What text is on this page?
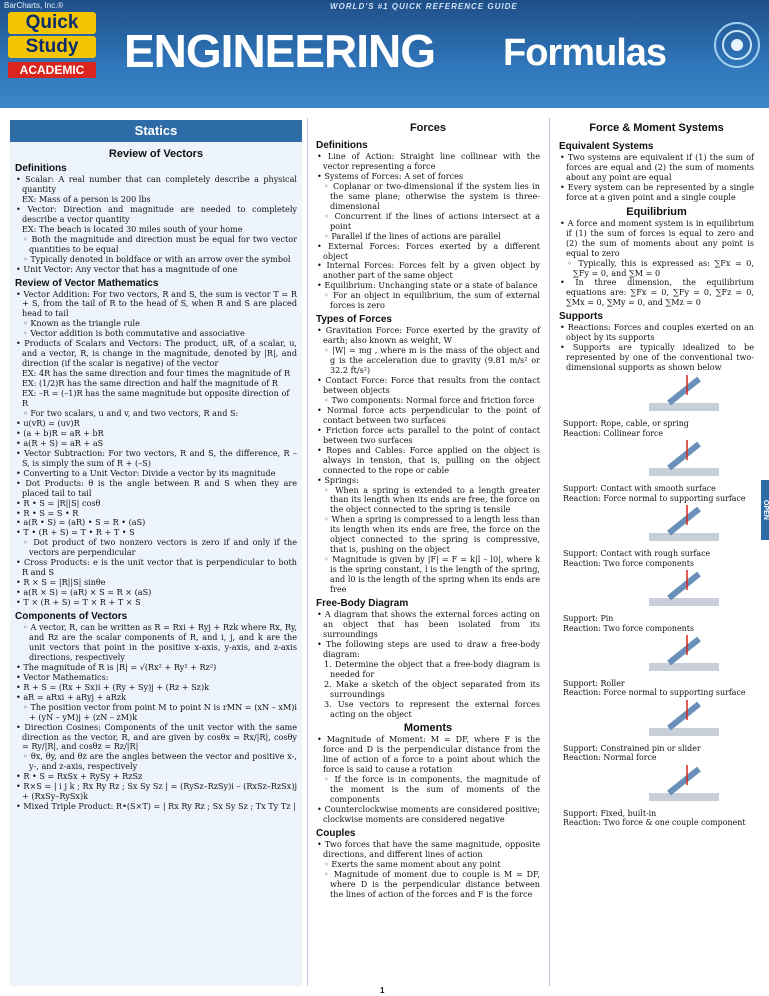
BarCharts, Inc.®	WORLD'S #1 QUICK REFERENCE GUIDE
Quick
Study
ACADEMIC ENGINEERING Formulas
Statics
Review of Vectors
Definitions
• Scalar: A real number that can completely describe a physical quantity
EX: Mass of a person is 200 lbs
• Vector: Direction and magnitude are needed to completely describe a vector quantity
EX: The beach is located 30 miles south of your home
◦ Both the magnitude and direction must be equal for two vector quantities to be equal
◦ Typically denoted in boldface or with an arrow over the symbol
• Unit Vector: Any vector that has a magnitude of one
Review of Vector Mathematics
• Vector Addition: For two vectors, R and S, the sum is vector T = R + S, from the tail of R to the head of S, when R and S are placed head to tail
◦ Known as the triangle rule
◦ Vector addition is both commutative and associative
• Products of Scalars and Vectors: The product, uR, of a scalar, u, and a vector, R, is change in the magnitude, denoted by |R|, and direction (if the scalar is negative) of the vector
EX: 4R has the same direction and four times the magnitude of R
EX: (1/2)R has the same direction and half the magnitude of R
EX: –R = (–1)R has the same magnitude but opposite direction of R
◦ For two scalars, u and v, and two vectors, R and S:
• u(vR) = (uv)R
• (a + b)R = aR + bR
• a(R + S) = aR + aS
• Vector Subtraction: For two vectors, R and S, the difference, R – S, is simply the sum of R + (–S)
• Converting to a Unit Vector: Divide a vector by its magnitude
• Dot Products: θ is the angle between R and S when they are placed tail to tail
• R • S = |R||S| cosθ
• R • S = S • R
• a(R • S) = (aR) • S = R • (aS)
• T • (R + S) = T • R + T • S
◦ Dot product of two nonzero vectors is zero if and only if the vectors are perpendicular
• Cross Products: e is the unit vector that is perpendicular to both R and S
• R × S = |R||S| sinθe
• a(R × S) = (aR) × S = R × (aS)
• T × (R + S) = T × R + T × S
Components of Vectors
◦ A vector, R, can be written as R = Rxi + Ryj + Rzk where Rx, Ry, and Rz are the scalar components of R, and i, j, and k are the unit vectors that point in the positive x-axis, y-axis, and z-axis directions, respectively
• The magnitude of R is |R| = √(Rx² + Ry² + Rz²)
• Vector Mathematics:
• R + S = (Rx + Sx)i + (Ry + Sy)j + (Rz + Sz)k
• aR = aRxi + aRyj + aRzk
◦ The position vector from point M to point N is rMN = (xN – xM)i + (yN – yM)j + (zN – zM)k
• Direction Cosines: Components of the unit vector with the same direction as the vector, R, and are given by cosθx = Rx/|R|, cosθy = Ry/|R|, and cosθz = Rz/|R|
◦ θx, θy, and θz are the angles between the vector and positive x-, y-, and z-axis, respectively
• R • S = RxSx + RySy + RzSz
• R×S = | i j k ; Rx Ry Rz ; Sx Sy Sz | = (RySz–RzSy)i – (RxSz–RzSx)j + (RxSy–RySx)k
• Mixed Triple Product: R•(S×T) = | Rx Ry Rz ; Sx Sy Sz ; Tx Ty Tz |
Forces
Definitions
• Line of Action: Straight line collinear with the vector representing a force
• Systems of Forces: A set of forces
◦ Coplanar or two-dimensional if the system lies in the same plane; otherwise the system is three-dimensional
◦ Concurrent if the lines of actions intersect at a point
◦ Parallel if the lines of actions are parallel
• External Forces: Forces exerted by a different object
• Internal Forces: Forces felt by a given object by another part of the same object
• Equilibrium: Unchanging state or a state of balance
◦ For an object in equilibrium, the sum of external forces is zero
Types of Forces
• Gravitation Force: Force exerted by the gravity of earth; also known as weight, W
◦ |W| = mg , where m is the mass of the object and g is the acceleration due to gravity (9.81 m/s² or 32.2 ft/s²)
• Contact Force: Force that results from the contact between objects
◦ Two components: Normal force and friction force
• Normal force acts perpendicular to the point of contact between two surfaces
• Friction force acts parallel to the point of contact between two surfaces
• Ropes and Cables: Force applied on the object is always in tension, that is, pulling on the object connected to the rope or cable
• Springs:
◦ When a spring is extended to a length greater than its length when its ends are free, the force on the object connected to the spring is tensile
◦ When a spring is compressed to a length less than its length when its ends are free, the force on the object connected to the spring is compressive, that is, pushing on the object
◦ Magnitude is given by |F| = F = k|l – l0|, where k is the spring constant, l is the length of the spring, and l0 is the length of the spring when its ends are free
Free-Body Diagram
• A diagram that shows the external forces acting on an object that has been isolated from its surroundings
• The following steps are used to draw a free-body diagram:
1. Determine the object that a free-body diagram is needed for
2. Make a sketch of the object separated from its surroundings
3. Use vectors to represent the external forces acting on the object
Moments
• Magnitude of Moment: M = DF, where F is the force and D is the perpendicular distance from the line of action of a force to a point about which the force is said to cause a rotation
◦ If the force is in components, the magnitude of the moment is the sum of moments of the components
• Counterclockwise moments are considered positive; clockwise moments are considered negative
Couples
• Two forces that have the same magnitude, opposite directions, and different lines of action
◦ Exerts the same moment about any point
◦ Magnitude of moment due to couple is M = DF, where D is the perpendicular distance between the lines of action of the forces and F is the force
Force & Moment Systems
Equivalent Systems
• Two systems are equivalent if (1) the sum of forces are equal and (2) the sum of moments about any point are equal
• Every system can be represented by a single force at a given point and a single couple
Equilibrium
• A force and moment system is in equilibrium if (1) the sum of forces is equal to zero and (2) the sum of moments about any point is equal to zero
◦ Typically, this is expressed as: ∑Fx = 0, ∑Fy = 0, and ∑M = 0
• In three dimension, the equilibrium equations are: ∑Fx = 0, ∑Fy = 0, ∑Fz = 0, ∑Mx = 0, ∑My = 0, and ∑Mz = 0
Supports
• Reactions: Forces and couples exerted on an object by its supports
• Supports are typically idealized to be represented by one of the conventional two-dimensional supports as shown below
Support: Rope, cable, or spring
Reaction: Collinear force
Support: Contact with smooth surface
Reaction: Force normal to supporting surface
Support: Contact with rough surface
Reaction: Two force components
Support: Pin
Reaction: Two force components
Support: Roller
Reaction: Force normal to supporting surface
Support: Constrained pin or slider
Reaction: Normal force
Support: Fixed, built-in
Reaction: Two force & one couple component
OPEN
1
